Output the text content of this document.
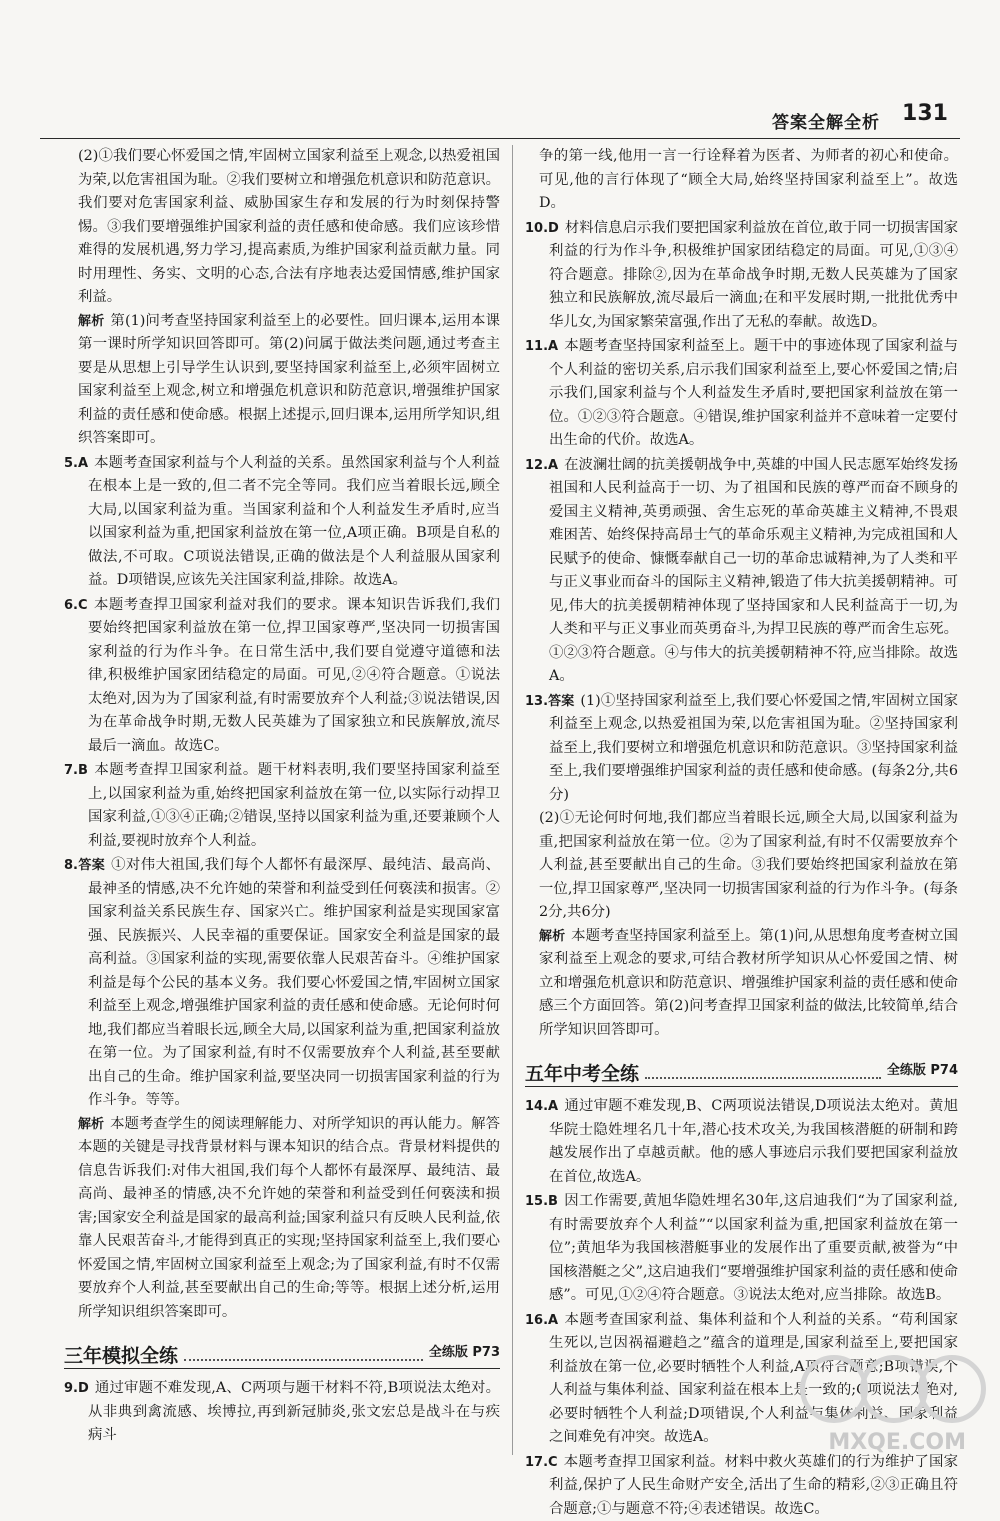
答案全解全析	131

(2)①我们要心怀爱国之情,牢固树立国家利益至上观念,以热爱祖国为荣,以危害祖国为耻。②我们要树立和增强危机意识和防范意识。我们要对危害国家利益、威胁国家生存和发展的行为时刻保持警惕。③我们要增强维护国家利益的责任感和使命感。我们应该珍惜难得的发展机遇,努力学习,提高素质,为维护国家利益贡献力量。同时用理性、务实、文明的心态,合法有序地表达爱国情感,维护国家利益。

解析 第(1)问考查坚持国家利益至上的必要性。回归课本,运用本课第一课时所学知识回答即可。第(2)问属于做法类问题,通过考查主要是从思想上引导学生认识到,要坚持国家利益至上,必须牢固树立国家利益至上观念,树立和增强危机意识和防范意识,增强维护国家利益的责任感和使命感。根据上述提示,回归课本,运用所学知识,组织答案即可。

5.A 本题考查国家利益与个人利益的关系。虽然国家利益与个人利益在根本上是一致的,但二者不完全等同。我们应当着眼长远,顾全大局,以国家利益为重。当国家利益和个人利益发生矛盾时,应当以国家利益为重,把国家利益放在第一位,A项正确。B项是自私的做法,不可取。C项说法错误,正确的做法是个人利益服从国家利益。D项错误,应该先关注国家利益,排除。故选A。

6.C 本题考查捍卫国家利益对我们的要求。课本知识告诉我们,我们要始终把国家利益放在第一位,捍卫国家尊严,坚决同一切损害国家利益的行为作斗争。在日常生活中,我们要自觉遵守道德和法律,积极维护国家团结稳定的局面。可见,②④符合题意。①说法太绝对,因为为了国家利益,有时需要放弃个人利益;③说法错误,因为在革命战争时期,无数人民英雄为了国家独立和民族解放,流尽最后一滴血。故选C。

7.B 本题考查捍卫国家利益。题干材料表明,我们要坚持国家利益至上,以国家利益为重,始终把国家利益放在第一位,以实际行动捍卫国家利益,①③④正确;②错误,坚持以国家利益为重,还要兼顾个人利益,要视时放弃个人利益。

8.答案 ①对伟大祖国,我们每个人都怀有最深厚、最纯洁、最高尚、最神圣的情感,决不允许她的荣誉和利益受到任何亵渎和损害。②国家利益关系民族生存、国家兴亡。维护国家利益是实现国家富强、民族振兴、人民幸福的重要保证。国家安全利益是国家的最高利益。③国家利益的实现,需要依靠人民艰苦奋斗。④维护国家利益是每个公民的基本义务。我们要心怀爱国之情,牢固树立国家利益至上观念,增强维护国家利益的责任感和使命感。无论何时何地,我们都应当着眼长远,顾全大局,以国家利益为重,把国家利益放在第一位。为了国家利益,有时不仅需要放弃个人利益,甚至要献出自己的生命。维护国家利益,要坚决同一切损害国家利益的行为作斗争。等等。

解析 本题考查学生的阅读理解能力、对所学知识的再认能力。解答本题的关键是寻找背景材料与课本知识的结合点。背景材料提供的信息告诉我们:对伟大祖国,我们每个人都怀有最深厚、最纯洁、最高尚、最神圣的情感,决不允许她的荣誉和利益受到任何亵渎和损害;国家安全利益是国家的最高利益;国家利益只有反映人民利益,依靠人民艰苦奋斗,才能得到真正的实现;坚持国家利益至上,我们要心怀爱国之情,牢固树立国家利益至上观念;为了国家利益,有时不仅需要放弃个人利益,甚至要献出自己的生命;等等。根据上述分析,运用所学知识组织答案即可。

三年模拟全练	全练版 P73

9.D 通过审题不难发现,A、C两项与题干材料不符,B项说法太绝对。从非典到禽流感、埃博拉,再到新冠肺炎,张文宏总是战斗在与疾病斗

争的第一线,他用一言一行诠释着为医者、为师者的初心和使命。可见,他的言行体现了“顾全大局,始终坚持国家利益至上”。故选D。

10.D 材料信息启示我们要把国家利益放在首位,敢于同一切损害国家利益的行为作斗争,积极维护国家团结稳定的局面。可见,①③④符合题意。排除②,因为在革命战争时期,无数人民英雄为了国家独立和民族解放,流尽最后一滴血;在和平发展时期,一批批优秀中华儿女,为国家繁荣富强,作出了无私的奉献。故选D。

11.A 本题考查坚持国家利益至上。题干中的事迹体现了国家利益与个人利益的密切关系,启示我们国家利益至上,要心怀爱国之情;启示我们,国家利益与个人利益发生矛盾时,要把国家利益放在第一位。①②③符合题意。④错误,维护国家利益并不意味着一定要付出生命的代价。故选A。

12.A 在波澜壮阔的抗美援朝战争中,英雄的中国人民志愿军始终发扬祖国和人民利益高于一切、为了祖国和民族的尊严而奋不顾身的爱国主义精神,英勇顽强、舍生忘死的革命英雄主义精神,不畏艰难困苦、始终保持高昂士气的革命乐观主义精神,为完成祖国和人民赋予的使命、慷慨奉献自己一切的革命忠诚精神,为了人类和平与正义事业而奋斗的国际主义精神,锻造了伟大抗美援朝精神。可见,伟大的抗美援朝精神体现了坚持国家和人民利益高于一切,为人类和平与正义事业而英勇奋斗,为捍卫民族的尊严而舍生忘死。①②③符合题意。④与伟大的抗美援朝精神不符,应当排除。故选A。

13.答案 (1)①坚持国家利益至上,我们要心怀爱国之情,牢固树立国家利益至上观念,以热爱祖国为荣,以危害祖国为耻。②坚持国家利益至上,我们要树立和增强危机意识和防范意识。③坚持国家利益至上,我们要增强维护国家利益的责任感和使命感。(每条2分,共6分)

(2)①无论何时何地,我们都应当着眼长远,顾全大局,以国家利益为重,把国家利益放在第一位。②为了国家利益,有时不仅需要放弃个人利益,甚至要献出自己的生命。③我们要始终把国家利益放在第一位,捍卫国家尊严,坚决同一切损害国家利益的行为作斗争。(每条2分,共6分)

解析 本题考查坚持国家利益至上。第(1)问,从思想角度考查树立国家利益至上观念的要求,可结合教材所学知识从心怀爱国之情、树立和增强危机意识和防范意识、增强维护国家利益的责任感和使命感三个方面回答。第(2)问考查捍卫国家利益的做法,比较简单,结合所学知识回答即可。

五年中考全练	全练版 P74

14.A 通过审题不难发现,B、C两项说法错误,D项说法太绝对。黄旭华院士隐姓埋名几十年,潜心技术攻关,为我国核潜艇的研制和跨越发展作出了卓越贡献。他的感人事迹启示我们要把国家利益放在首位,故选A。

15.B 因工作需要,黄旭华隐姓埋名30年,这启迪我们“为了国家利益,有时需要放弃个人利益”“以国家利益为重,把国家利益放在第一位”;黄旭华为我国核潜艇事业的发展作出了重要贡献,被誉为“中国核潜艇之父”,这启迪我们“要增强维护国家利益的责任感和使命感”。可见,①②④符合题意。③说法太绝对,应当排除。故选B。

16.A 本题考查国家利益、集体利益和个人利益的关系。“苟利国家生死以,岂因祸福避趋之”蕴含的道理是,国家利益至上,要把国家利益放在第一位,必要时牺牲个人利益,A项符合题意;B项错误,个人利益与集体利益、国家利益在根本上是一致的;C项说法太绝对,必要时牺牲个人利益;D项错误,个人利益与集体利益、国家利益之间难免有冲突。故选A。

17.C 本题考查捍卫国家利益。材料中救火英雄们的行为维护了国家利益,保护了人民生命财产安全,活出了生命的精彩,②③正确且符合题意;①与题意不符;④表述错误。故选C。

MXQE.COM
